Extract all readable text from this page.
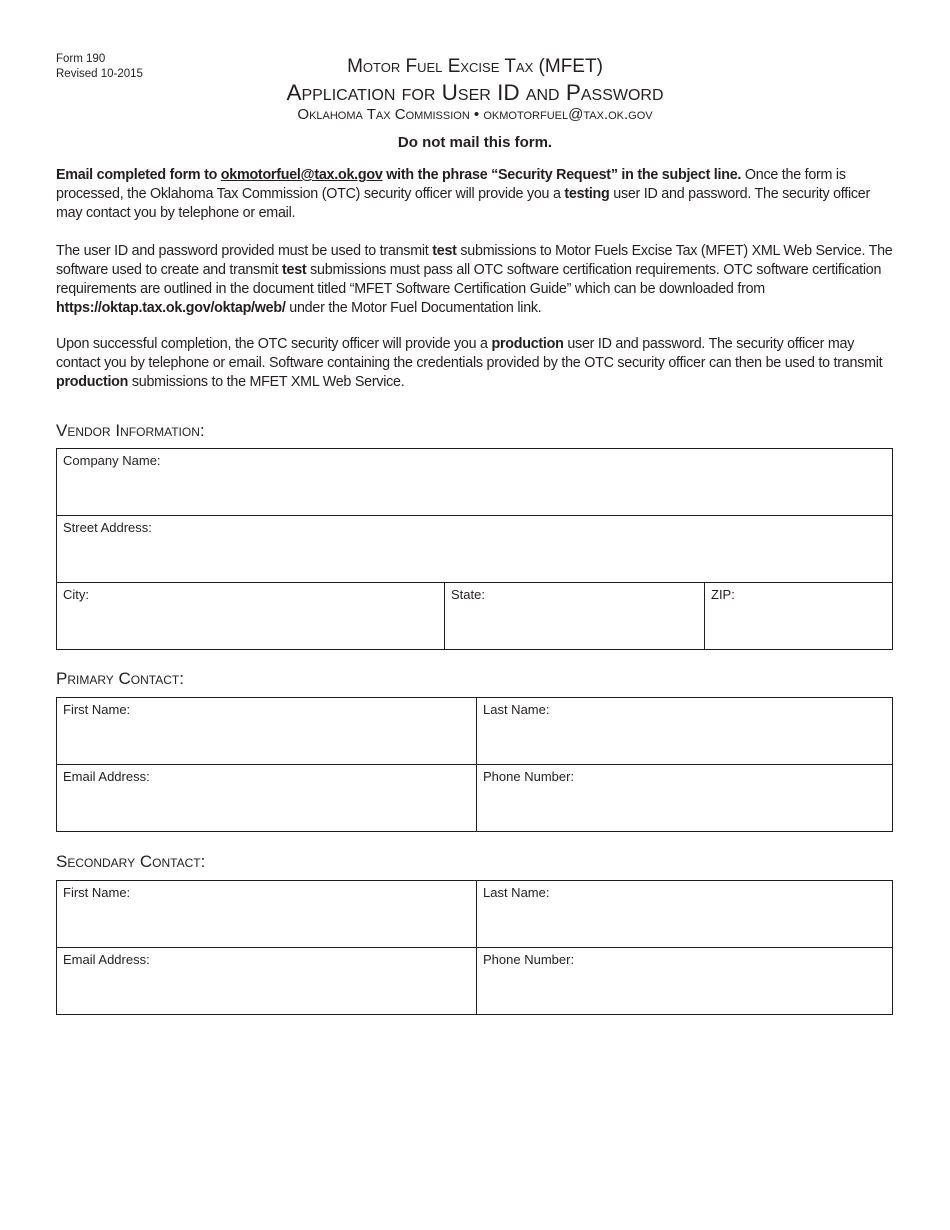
Form 190
Revised 10-2015	Motor Fuel Excise Tax (MFET)
Application for User ID and Password
Oklahoma Tax Commission • okmotorfuel@tax.ok.gov
Do not mail this form.
Email completed form to okmotorfuel@tax.ok.gov with the phrase “Security Request” in the subject line. Once the form is processed, the Oklahoma Tax Commission (OTC) security officer will provide you a testing user ID and password. The security officer may contact you by telephone or email.
The user ID and password provided must be used to transmit test submissions to Motor Fuels Excise Tax (MFET) XML Web Service. The software used to create and transmit test submissions must pass all OTC software certification requirements. OTC software certification requirements are outlined in the document titled “MFET Software Certification Guide” which can be downloaded from https://oktap.tax.ok.gov/oktap/web/ under the Motor Fuel Documentation link.
Upon successful completion, the OTC security officer will provide you a production user ID and password. The security officer may contact you by telephone or email. Software containing the credentials provided by the OTC security officer can then be used to transmit production submissions to the MFET XML Web Service.
Vendor Information:
Company Name:
Street Address:
City:	State:	ZIP:
Primary Contact:
First Name:	Last Name:
Email Address:	Phone Number:
Secondary Contact:
First Name:	Last Name:
Email Address:	Phone Number:
